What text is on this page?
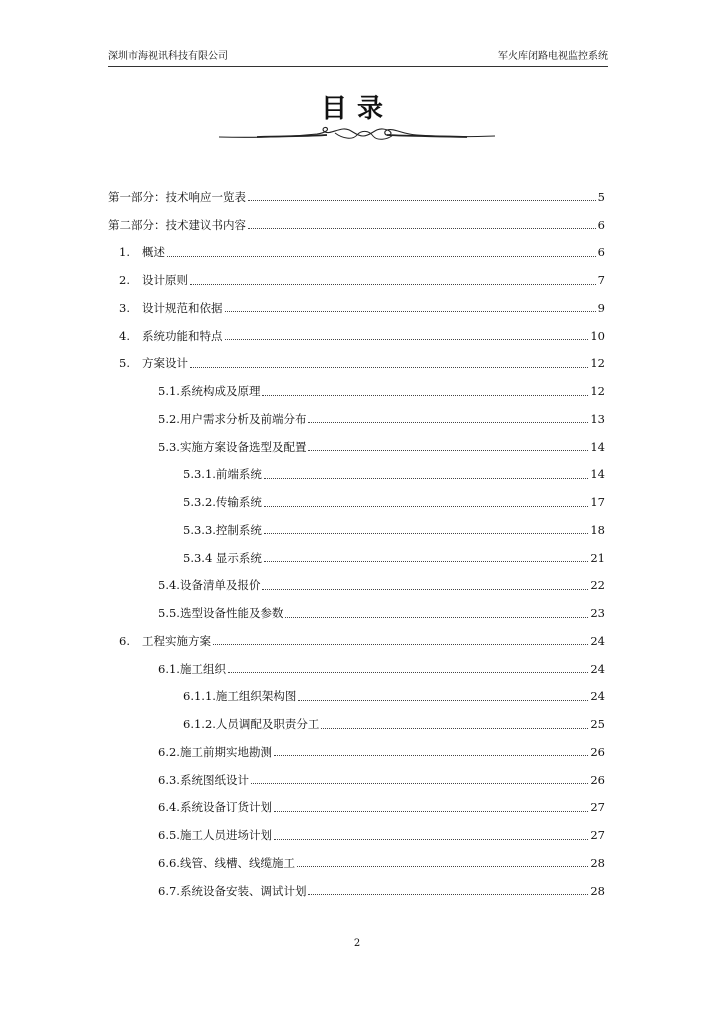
深圳市海视讯科技有限公司	军火库闭路电视监控系统
目录
第一部分：技术响应一览表	5
第二部分：技术建议书内容	6
1. 概述	6
2. 设计原则	7
3. 设计规范和依据	9
4. 系统功能和特点	10
5. 方案设计	12
5.1.系统构成及原理	12
5.2.用户需求分析及前端分布	13
5.3.实施方案设备选型及配置	14
5.3.1.前端系统	14
5.3.2.传输系统	17
5.3.3.控制系统	18
5.3.4 显示系统	21
5.4.设备清单及报价	22
5.5.选型设备性能及参数	23
6. 工程实施方案	24
6.1.施工组织	24
6.1.1.施工组织架构图	24
6.1.2.人员调配及职责分工	25
6.2.施工前期实地勘测	26
6.3.系统图纸设计	26
6.4.系统设备订货计划	27
6.5.施工人员进场计划	27
6.6.线管、线槽、线缆施工	28
6.7.系统设备安装、调试计划	28
2
